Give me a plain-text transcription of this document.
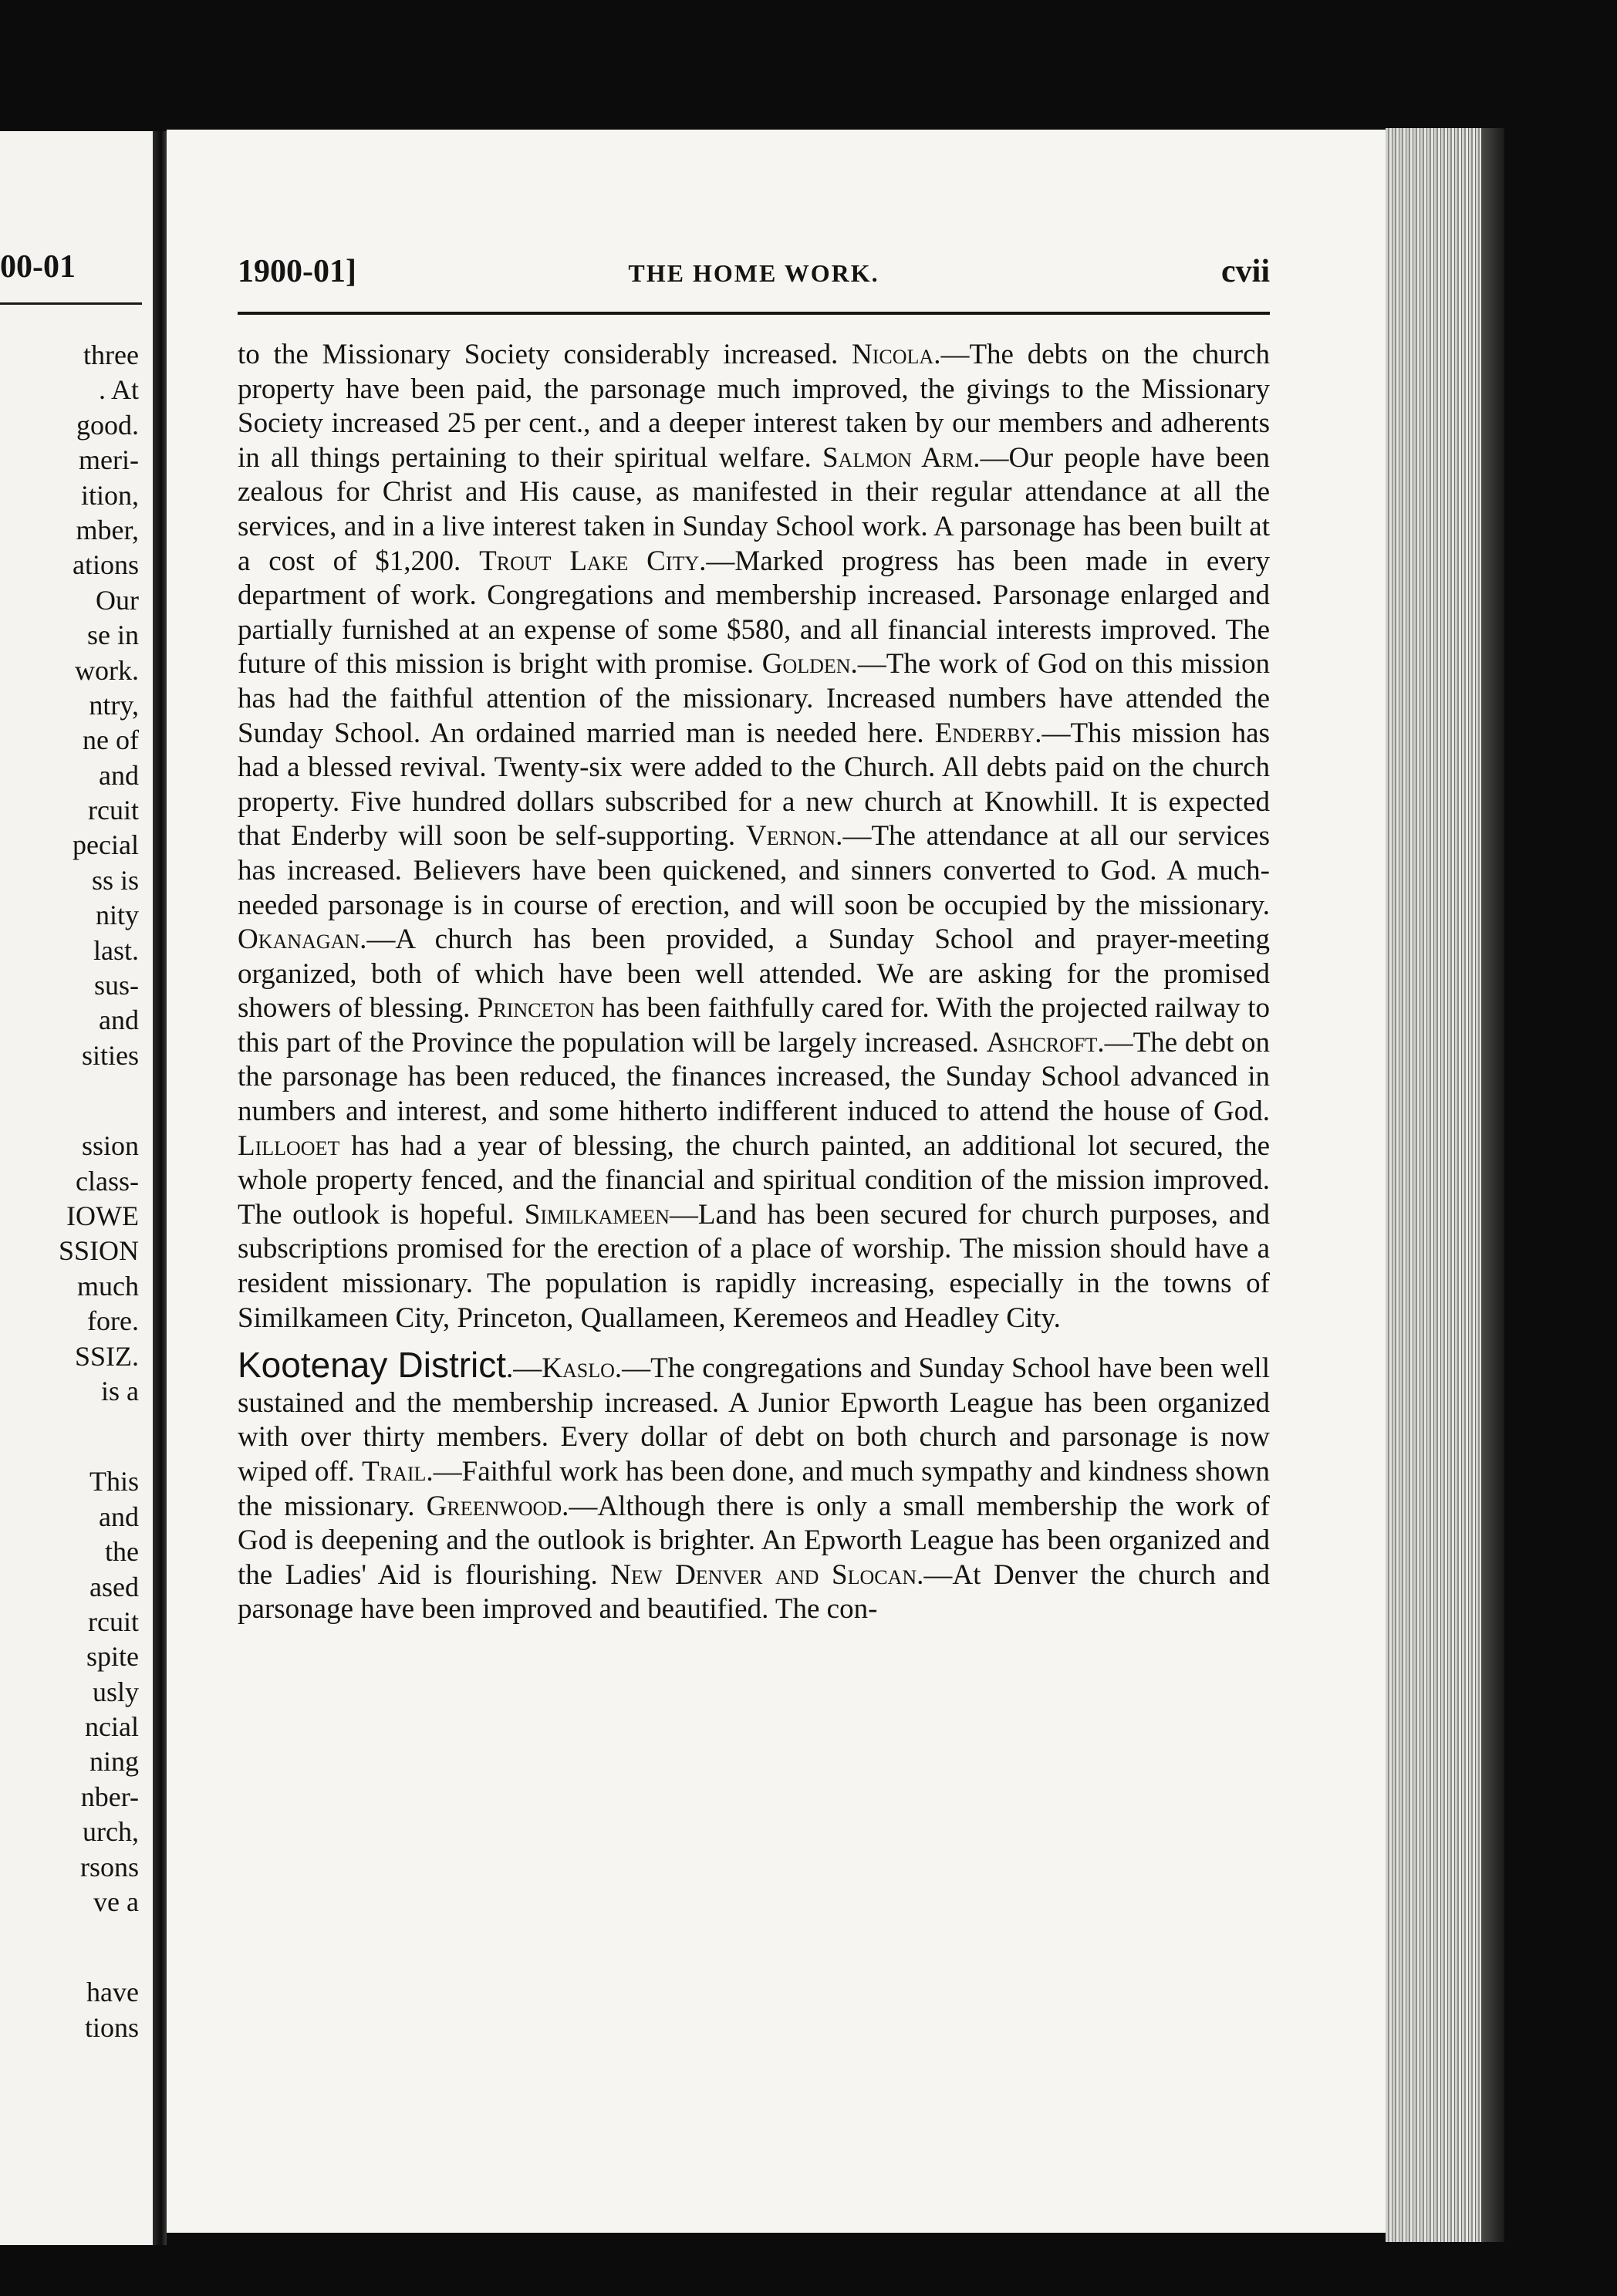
00-01
three
. At
good.
meri-
ition,
mber,
ations
Our
se in
work.
ntry,
ne of
and
rcuit
pecial
ss is
nity
last.
sus-
and
sities
ssion
class-
IOWE
SSION
much
fore.
SSIZ.
is a
This
and
the
ased
rcuit
spite
usly
ncial
ning
nber-
urch,
rsons
ve a
have
tions
1900-01]	THE HOME WORK.	cvii

to the Missionary Society considerably increased. Nicola.—The debts on the church property have been paid, the parsonage much improved, the givings to the Missionary Society increased 25 per cent., and a deeper interest taken by our members and adherents in all things pertaining to their spiritual welfare. Salmon Arm.—Our people have been zealous for Christ and His cause, as manifested in their regular attendance at all the services, and in a live interest taken in Sunday School work. A parsonage has been built at a cost of $1,200. Trout Lake City.—Marked progress has been made in every department of work. Congregations and membership increased. Parsonage enlarged and partially furnished at an expense of some $580, and all financial interests improved. The future of this mission is bright with promise. Golden.—The work of God on this mission has had the faithful attention of the missionary. Increased numbers have attended the Sunday School. An ordained married man is needed here. Enderby.—This mission has had a blessed revival. Twenty-six were added to the Church. All debts paid on the church property. Five hundred dollars subscribed for a new church at Knowhill. It is expected that Enderby will soon be self-supporting. Vernon.—The attendance at all our services has increased. Believers have been quickened, and sinners converted to God. A much-needed parsonage is in course of erection, and will soon be occupied by the missionary. Okanagan.—A church has been provided, a Sunday School and prayer-meeting organized, both of which have been well attended. We are asking for the promised showers of blessing. Princeton has been faithfully cared for. With the projected railway to this part of the Province the population will be largely increased. Ashcroft.—The debt on the parsonage has been reduced, the finances increased, the Sunday School advanced in numbers and interest, and some hitherto indifferent induced to attend the house of God. Lillooet has had a year of blessing, the church painted, an additional lot secured, the whole property fenced, and the financial and spiritual condition of the mission improved. The outlook is hopeful. Similkameen—Land has been secured for church purposes, and subscriptions promised for the erection of a place of worship. The mission should have a resident missionary. The population is rapidly increasing, especially in the towns of Similkameen City, Princeton, Quallameen, Keremeos and Headley City.

Kootenay District.—Kaslo.—The congregations and Sunday School have been well sustained and the membership increased. A Junior Epworth League has been organized with over thirty members. Every dollar of debt on both church and parsonage is now wiped off. Trail.—Faithful work has been done, and much sympathy and kindness shown the missionary. Greenwood.—Although there is only a small membership the work of God is deepening and the outlook is brighter. An Epworth League has been organized and the Ladies' Aid is flourishing. New Denver and Slocan.—At Denver the church and parsonage have been improved and beautified. The con-
